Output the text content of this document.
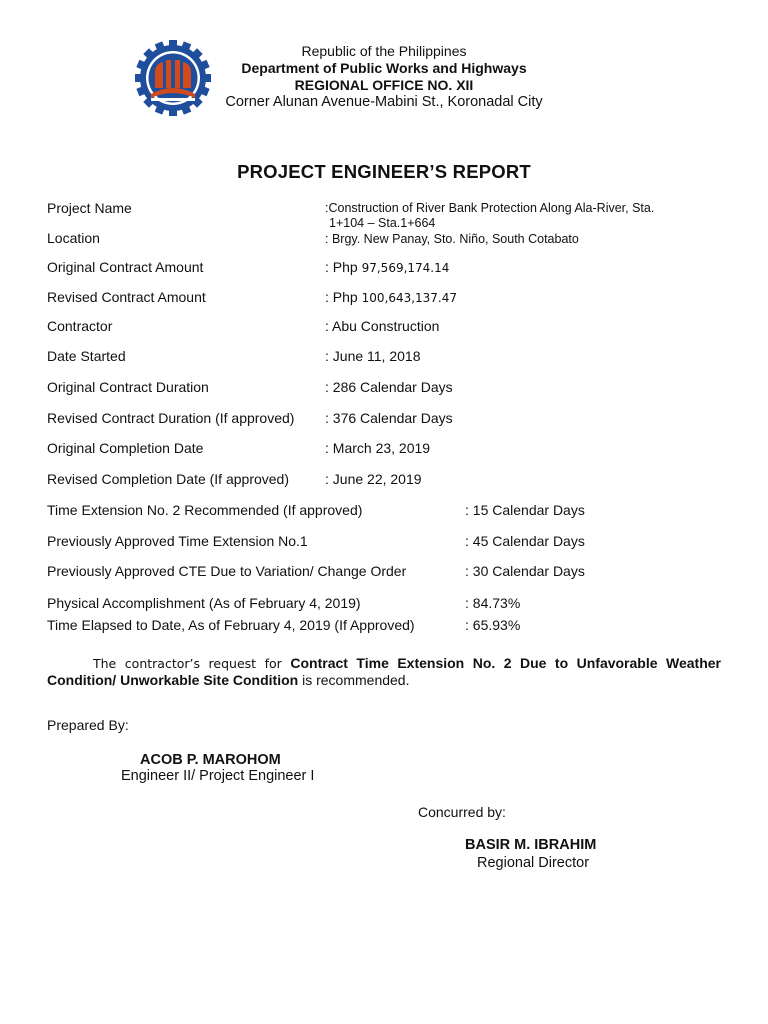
Republic of the Philippines
Department of Public Works and Highways
REGIONAL OFFICE NO. XII
Corner Alunan Avenue-Mabini St., Koronadal City
PROJECT ENGINEER’S REPORT
Project Name	:Construction of River Bank Protection Along Ala-River, Sta.
1+104 – Sta.1+664
Location	: Brgy. New Panay, Sto. Niño, South Cotabato
Original Contract Amount	: Php 97,569,174.14
Revised Contract Amount	: Php 100,643,137.47
Contractor	: Abu Construction
Date Started	: June 11, 2018
Original Contract Duration	: 286 Calendar Days
Revised Contract Duration (If approved) : 376 Calendar Days
Original Completion Date	: March 23, 2019
Revised Completion Date (If approved)	: June 22, 2019
Time Extension No. 2 Recommended (If approved)	: 15 Calendar Days
Previously Approved Time Extension No.1	: 45 Calendar Days
Previously Approved CTE Due to Variation/ Change Order	: 30 Calendar Days
Physical Accomplishment (As of February 4, 2019)	: 84.73%
Time Elapsed to Date, As of February 4, 2019 (If Approved)	: 65.93%
The contractor’s request for Contract Time Extension No. 2 Due to Unfavorable Weather Condition/ Unworkable Site Condition is recommended.
Prepared By:
ACOB P. MAROHOM
Engineer II/ Project Engineer I
Concurred by:
BASIR M. IBRAHIM
Regional Director
